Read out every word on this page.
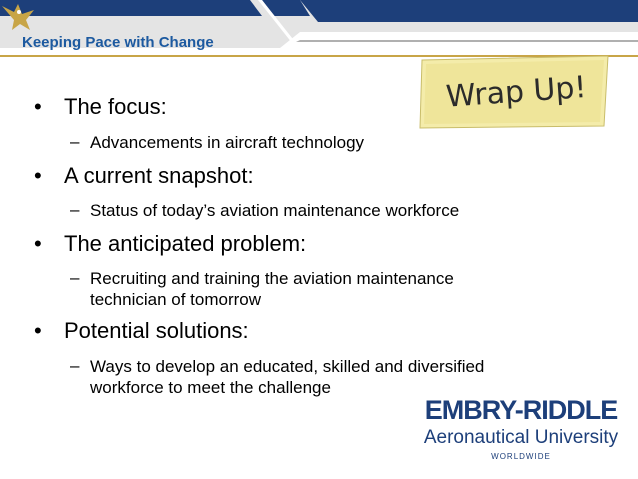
Keeping Pace with Change
Wrap Up!
• The focus:
– Advancements in aircraft technology
• A current snapshot:
– Status of today’s aviation maintenance workforce
• The anticipated problem:
– Recruiting and training the aviation maintenance
technician of tomorrow
• Potential solutions:
– Ways to develop an educated, skilled and diversified
workforce to meet the challenge
EMBRY-RIDDLE
Aeronautical University
WORLDWIDE
